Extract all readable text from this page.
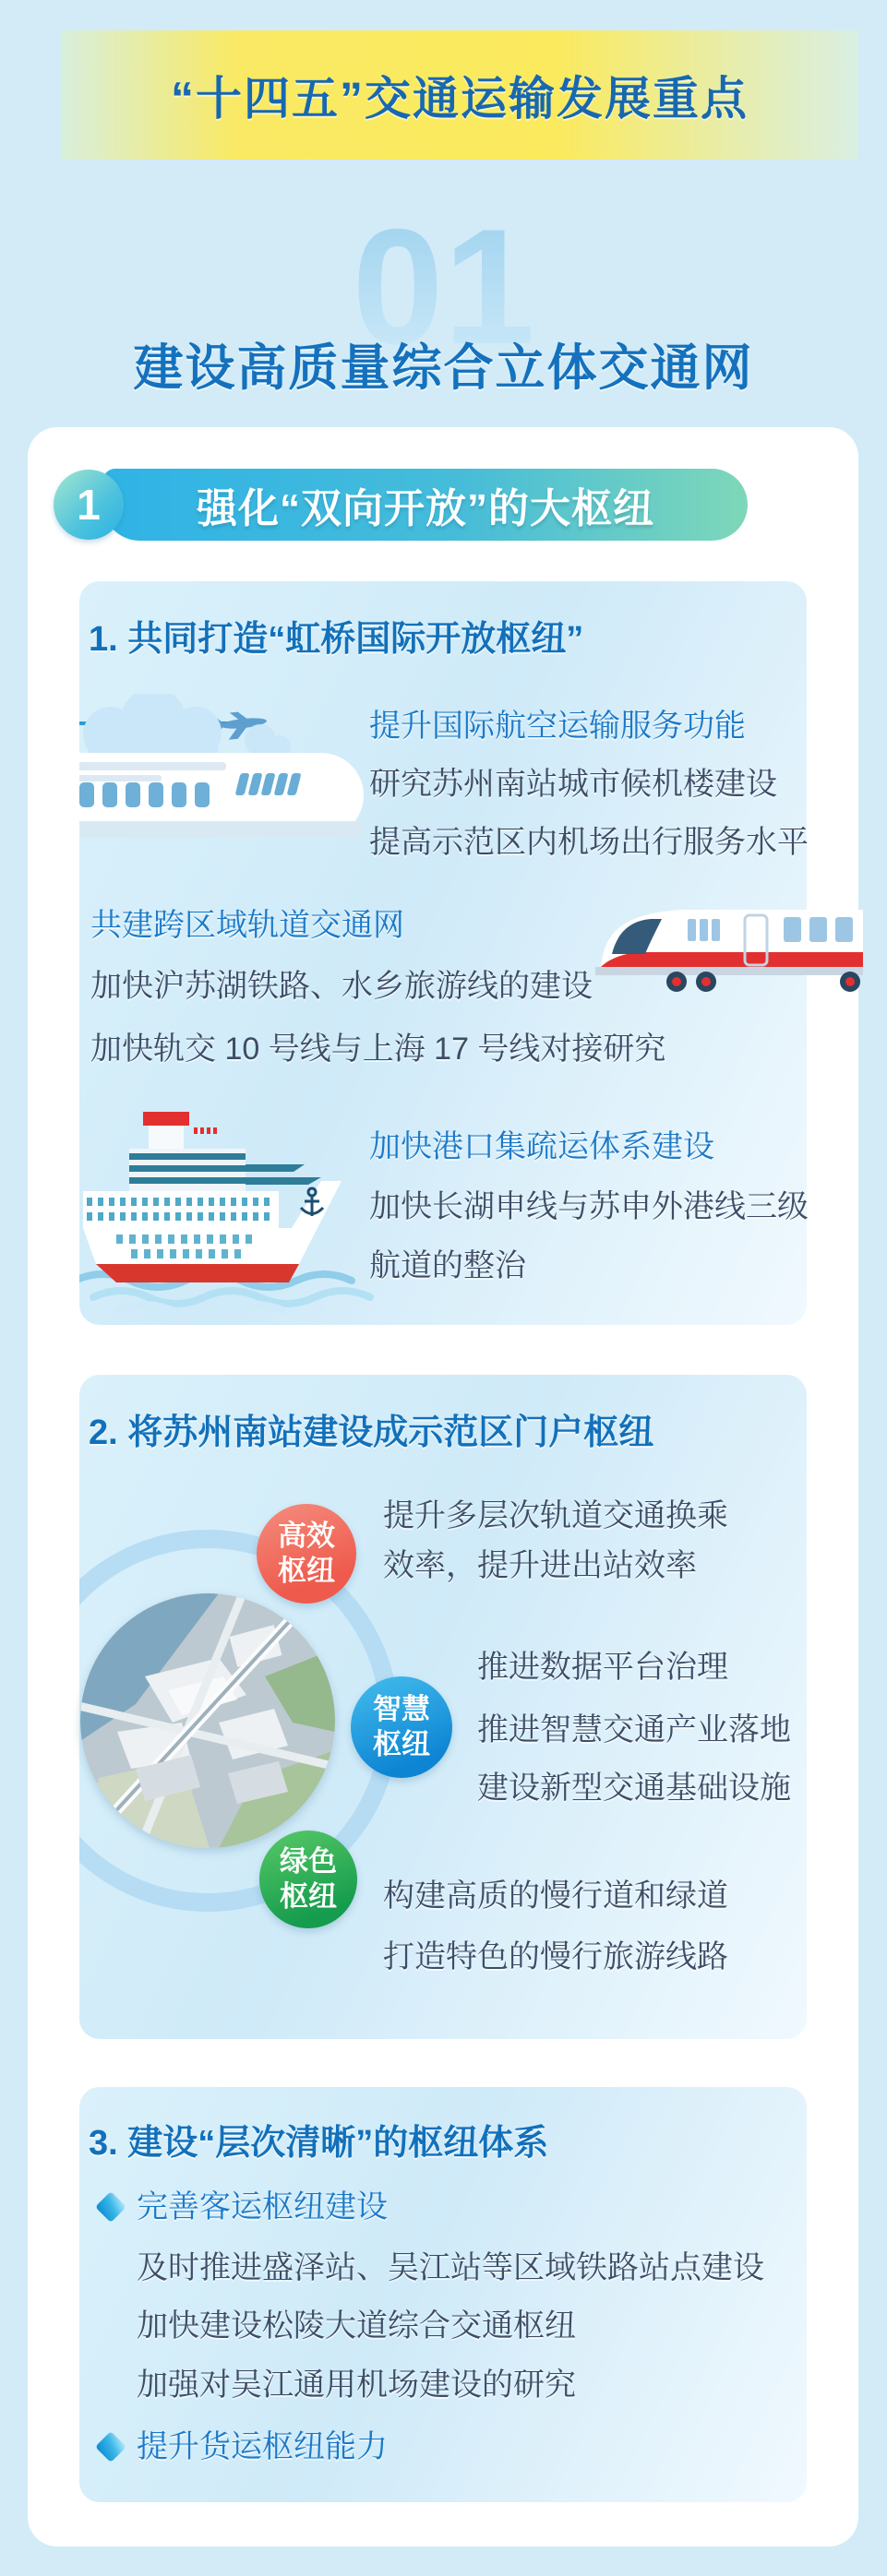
“十四五”交通运输发展重点
01
建设高质量综合立体交通网
强化“双向开放”的大枢纽
1
1. 共同打造“虹桥国际开放枢纽”
提升国际航空运输服务功能
研究苏州南站城市候机楼建设
提高示范区内机场出行服务水平
共建跨区域轨道交通网
加快沪苏湖铁路、水乡旅游线的建设
加快轨交 10 号线与上海 17 号线对接研究
加快港口集疏运体系建设
加快长湖申线与苏申外港线三级
航道的整治
2. 将苏州南站建设成示范区门户枢纽
高效
枢纽
智慧
枢纽
绿色
枢纽
提升多层次轨道交通换乘
效率，提升进出站效率
推进数据平台治理
推进智慧交通产业落地
建设新型交通基础设施
构建高质的慢行道和绿道
打造特色的慢行旅游线路
3. 建设“层次清晰”的枢纽体系
完善客运枢纽建设
及时推进盛泽站、吴江站等区域铁路站点建设
加快建设松陵大道综合交通枢纽
加强对吴江通用机场建设的研究
提升货运枢纽能力
